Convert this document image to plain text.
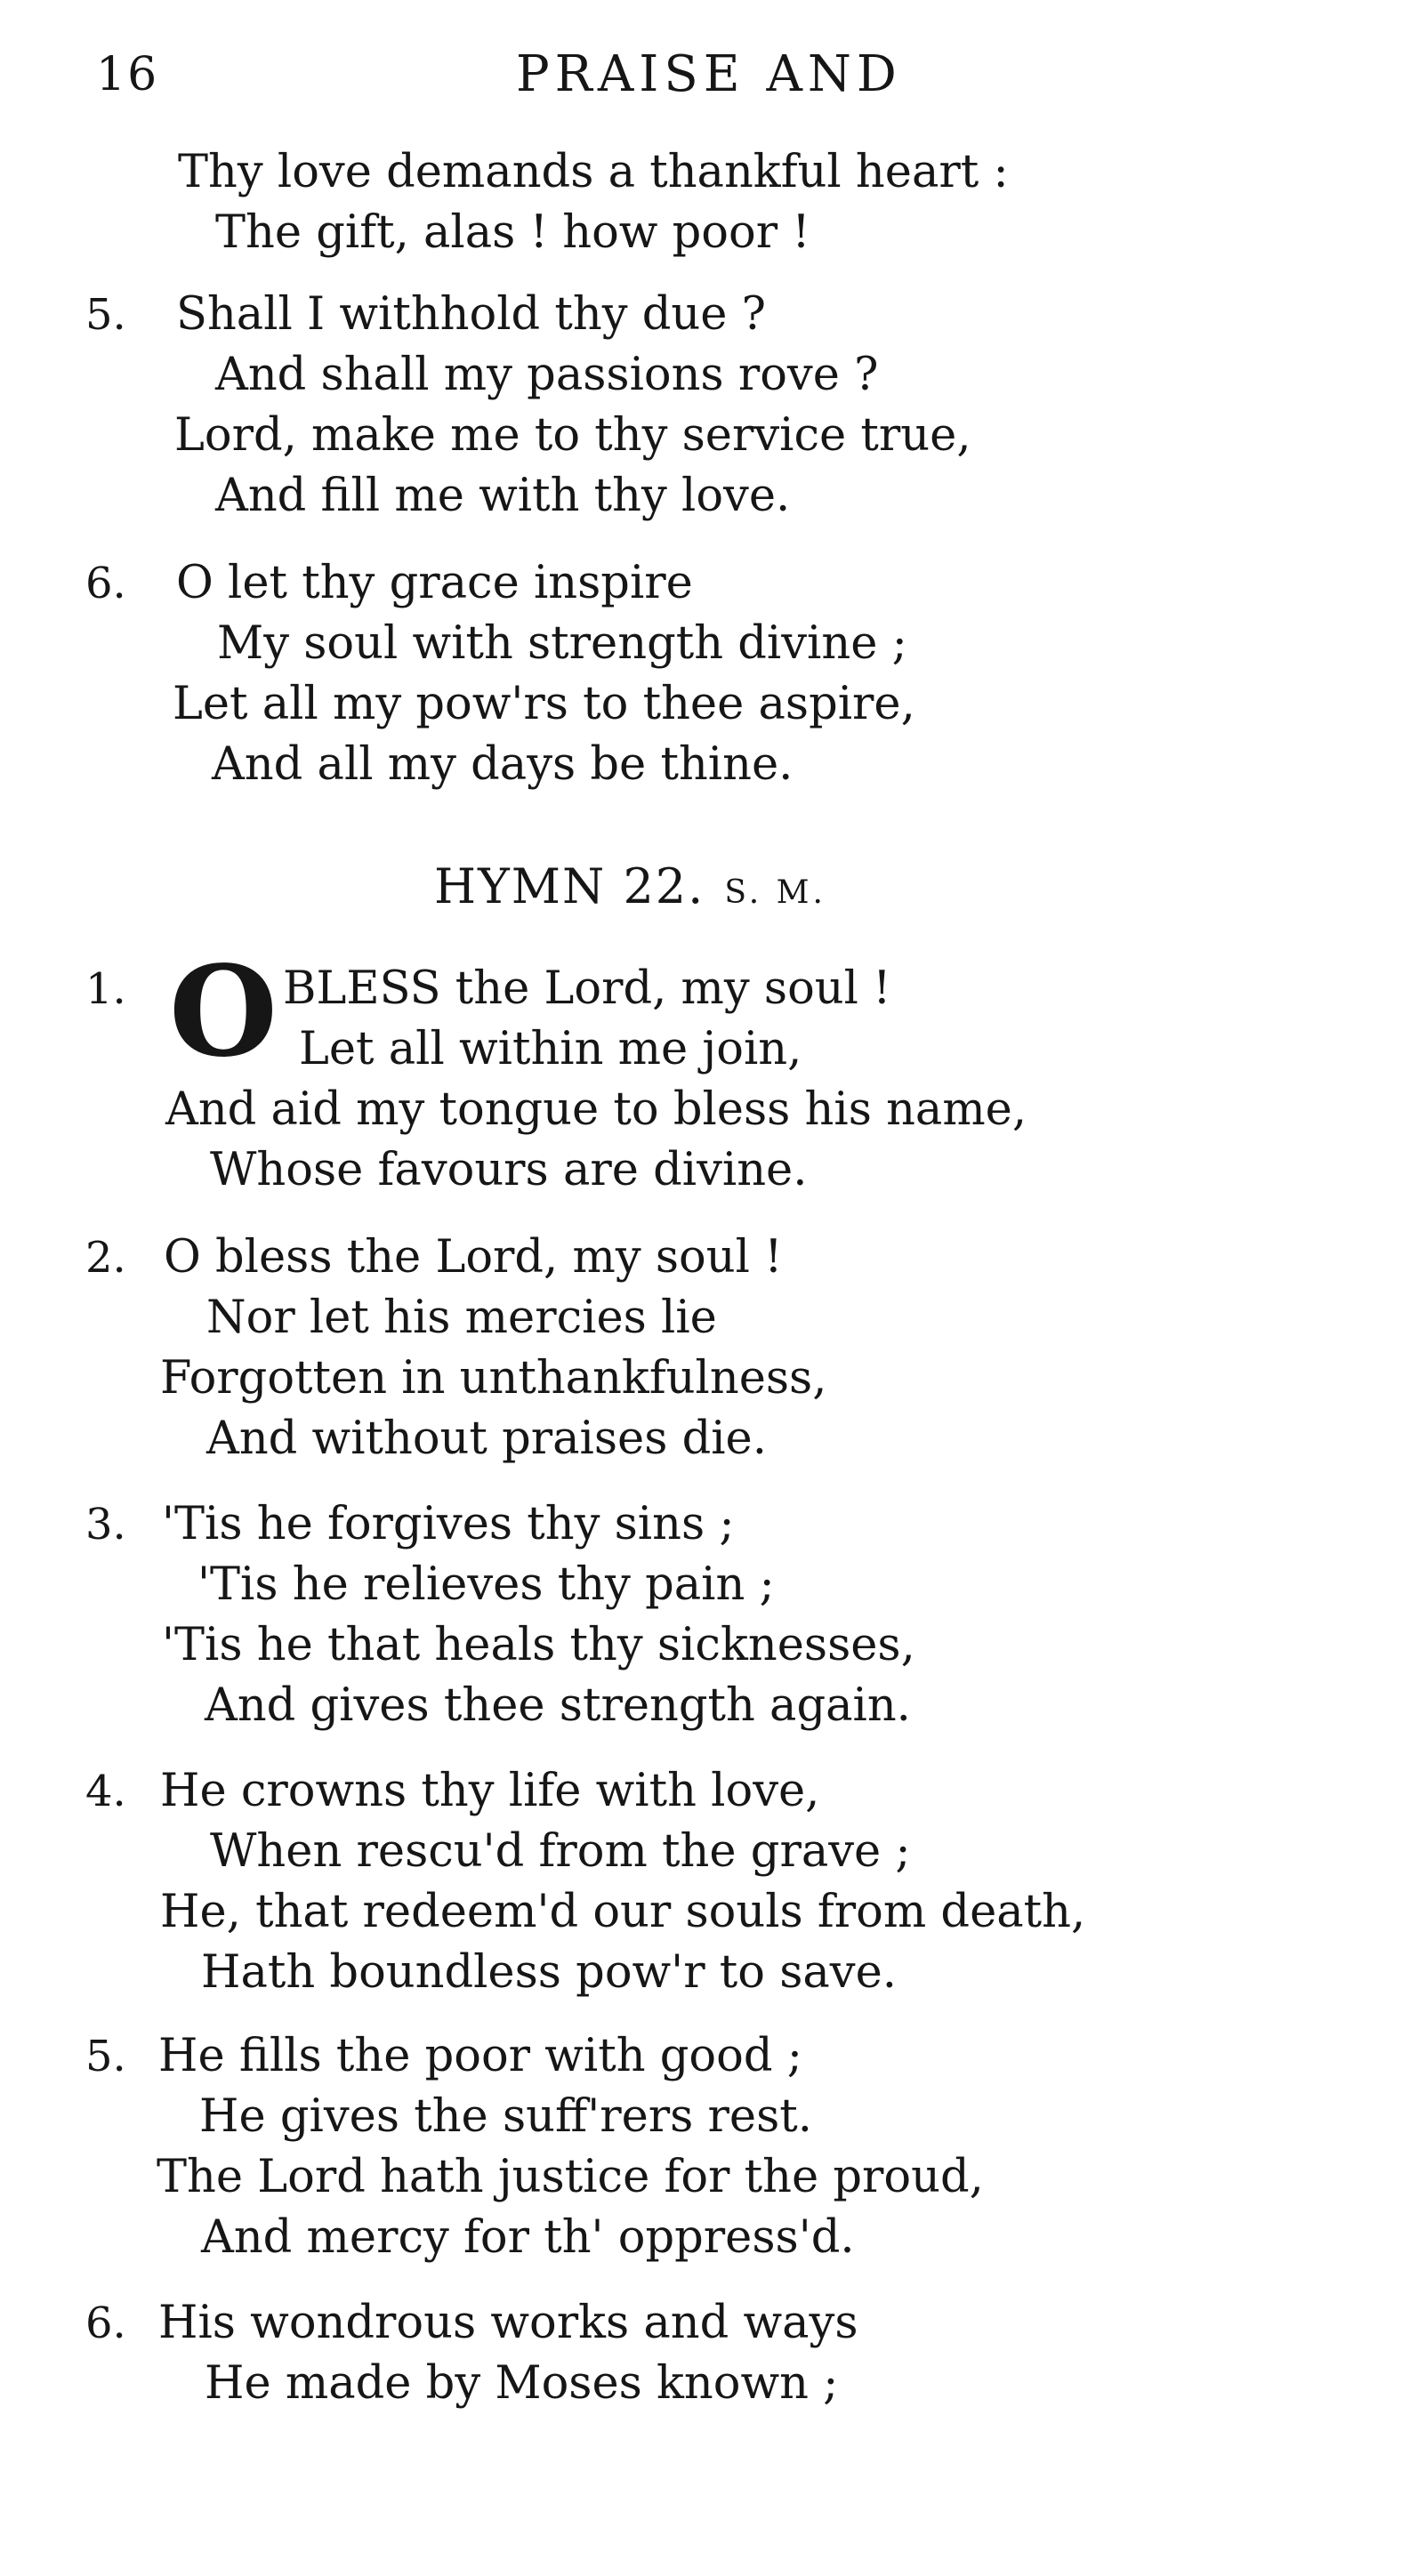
16	PRAISE AND
Thy love demands a thankful heart :
The gift, alas ! how poor !
5. Shall I withhold thy due ?
And shall my passions rove ?
Lord, make me to thy service true,
And fill me with thy love.
6. O let thy grace inspire
My soul with strength divine ;
Let all my pow'rs to thee aspire,
And all my days be thine.
HYMN 22. S. M.
O
1.	BLESS the Lord, my soul !
Let all within me join,
And aid my tongue to bless his name,
Whose favours are divine.
2. O bless the Lord, my soul !
Nor let his mercies lie
Forgotten in unthankfulness,
And without praises die.
3. 'Tis he forgives thy sins ;
'Tis he relieves thy pain ;
'Tis he that heals thy sicknesses,
And gives thee strength again.
4. He crowns thy life with love,
When rescu'd from the grave ;
He, that redeem'd our souls from death,
Hath boundless pow'r to save.
5. He fills the poor with good ;
He gives the suff'rers rest.
The Lord hath justice for the proud,
And mercy for th' oppress'd.
6. His wondrous works and ways
He made by Moses known ;
